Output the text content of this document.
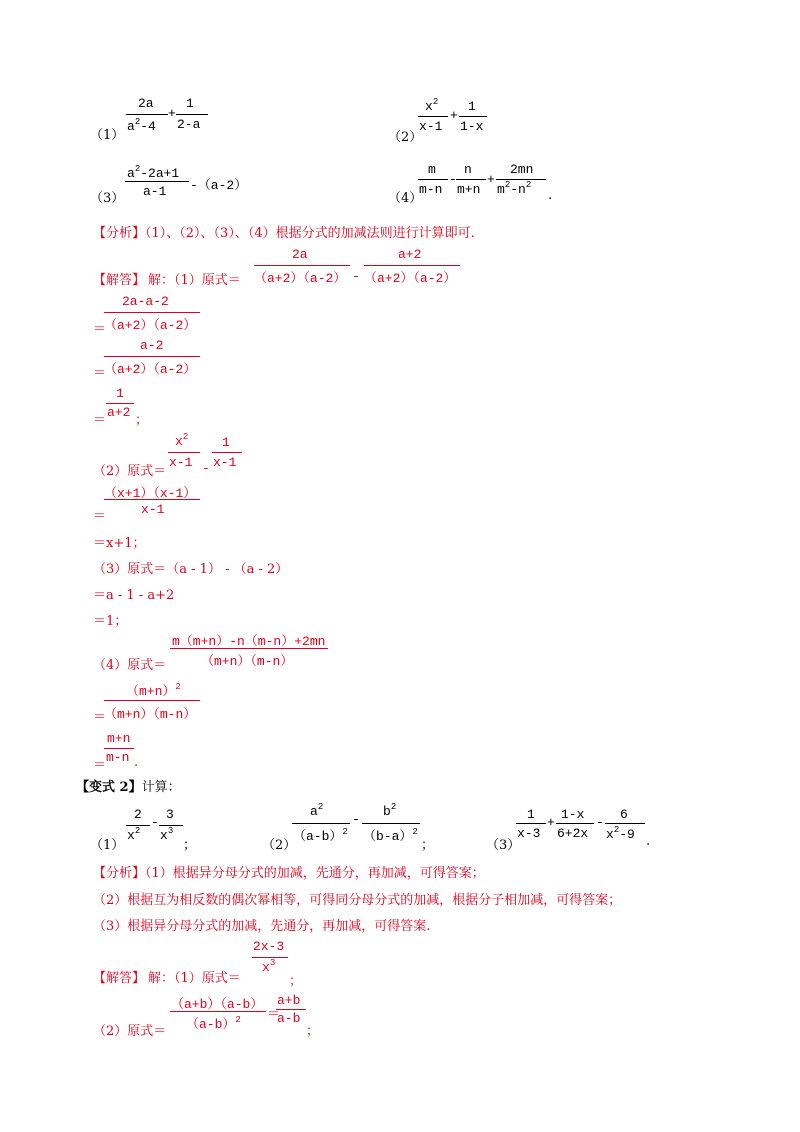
（1）
2a
$a^2-4$
+
1
2-a
（2）
$x^2$
x-1
+
1
1-x
（3）
$a^2-2a+1$
a-1 -（a-2）
（4）
m
m-n
-
n
m+n
+
2mn
$m^2-n^2$
.
【分析】（1）、（2）、（3）、（4）根据分式的加减法则进行计算即可.
【解答】 解：（1）原式＝
2a
（a+2）（a-2） -
a+2
（a+2）（a-2）
＝
2a-a-2
（a+2）（a-2）
＝
a-2
（a+2）（a-2）
＝
1
a+2
；
（2）原式＝
$x^2$
x-1 -
1
x-1
＝
（x+1）（x-1）
x-1
＝x+1；
（3）原式＝（a - 1） - （a - 2）
＝a - 1 - a+2
＝1；
（4）原式＝
m（m+n）-n（m-n）+2mn
（m+n）（m-n）
＝
$(m+n)^2$
（m+n）（m-n）
＝
m+n
m-n .
【变式 2】计算：
（1）
2
$x^2$
-
3
$x^3$
；	（2）
$a^2$
$(a-b)^2$
-
$b^2$
$(b-a)^2$
；	（3）
1
x-3
+
1-x
6+2x
-
6
$x^2-9$ .
【分析】（1）根据异分母分式的加减，先通分，再加减，可得答案；
（2）根据互为相反数的偶次幂相等，可得同分母分式的加减，根据分子相加减，可得答案；
（3）根据异分母分式的加减，先通分，再加减，可得答案.
【解答】 解：（1）原式＝
2x-3
$x^3$
；
（2）原式＝
（a+b）（a-b）
$(a-b)^2$ ＝
a+b
a-b
；
